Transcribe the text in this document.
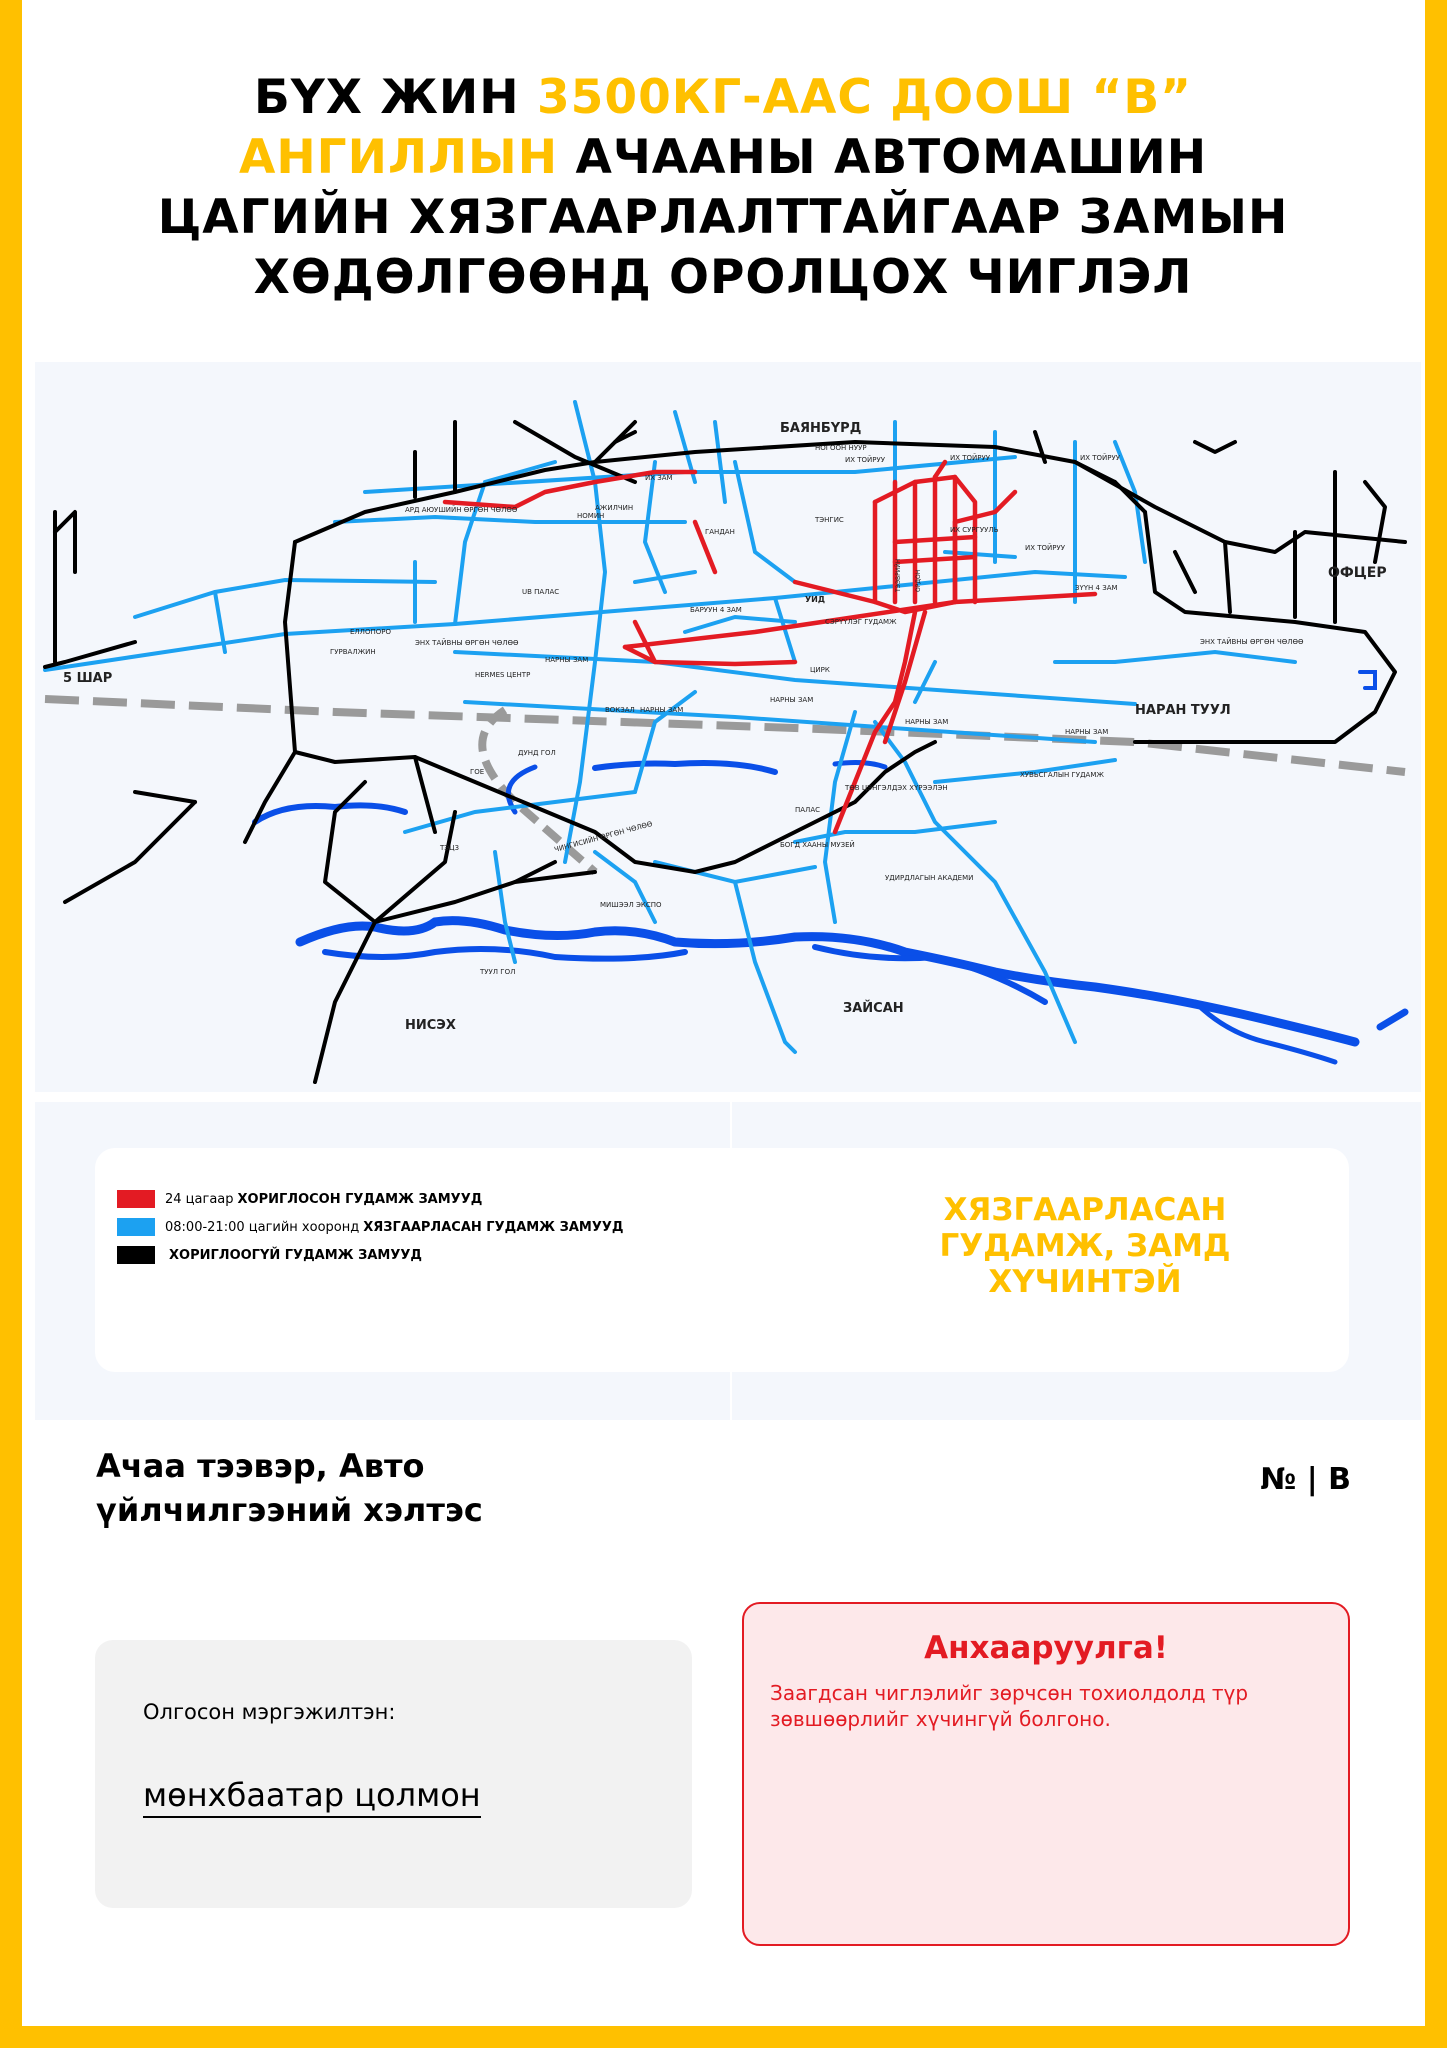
БҮХ ЖИН 3500КГ-ААС ДООШ “В” АНГИЛЛЫН АЧААНЫ АВТОМАШИН ЦАГИЙН ХЯЗГААРЛАЛТТАЙГААР ЗАМЫН ХӨДӨЛГӨӨНД ОРОЛЦОХ ЧИГЛЭЛ
БАЯНБҮРД
ОФЦЕР
5 ШАР
НАРАН ТУУЛ
НИСЭХ
ЗАЙСАН
НОГООН НУУР
ИХ ТОЙРУУ	ИХ ТОЙРУУ	ИХ ТОЙРУУ
ИХ ТОЙРУУ
ИХ СУРГУУЛЬ
ЗҮҮН 4 ЗАМ
БАРУУН 4 ЗАМ
СЭРҮҮЛЭГ ГУДАМЖ
ТЭЭВРИЙН ОРДОН
АРД АЮУШИЙН ӨРГӨН ЧӨЛӨӨ	АЖИЛЧИН
НОМИН
ИХ ЗАМ
ГАНДАН
ТЭНГИС
UB ПАЛАС
ГУРВАЛЖИН
ЕЛЛОПОРО
ЭНХ ТАЙВНЫ ӨРГӨН ЧӨЛӨӨ	ЭНХ ТАЙВНЫ ӨРГӨН ЧӨЛӨӨ
HERMES ЦЕНТР
НАРНЫ ЗАМ
НАРНЫ ЗАМ
НАРНЫ ЗАМ
НАРНЫ ЗАМ
НАРНЫ ЗАМ
ВОКЗАЛ
ЦИРК
УИД
ДУНД ГОЛ
ГОЕ
ТЭЦ3	ЧИНГИСИЙН ӨРГӨН ЧӨЛӨӨ
МИШЭЭЛ ЭКСПО
ТУУЛ ГОЛ
ТӨВ ЦЭНГЭЛДЭХ ХҮРЭЭЛЭН
ПАЛАС
БОГД ХААНЫ МУЗЕЙ
УДИРДЛАГЫН АКАДЕМИ
ХУВЬСГАЛЫН ГУДАМЖ
24 цагаар ХОРИГЛОСОН ГУДАМЖ ЗАМУУД
08:00-21:00 цагийн хооронд ХЯЗГААРЛАСАН ГУДАМЖ ЗАМУУД
ХОРИГЛООГҮЙ ГУДАМЖ ЗАМУУД
ХЯЗГААРЛАСАН ГУДАМЖ, ЗАМД ХҮЧИНТЭЙ
Ачаа тээвэр, Авто үйлчилгээний хэлтэс
№ | B
Олгосон мэргэжилтэн:
мөнхбаатар цолмон
Анхааруулга!
Заагдсан чиглэлийг зөрчсөн тохиолдолд түр зөвшөөрлийг хүчингүй болгоно.
